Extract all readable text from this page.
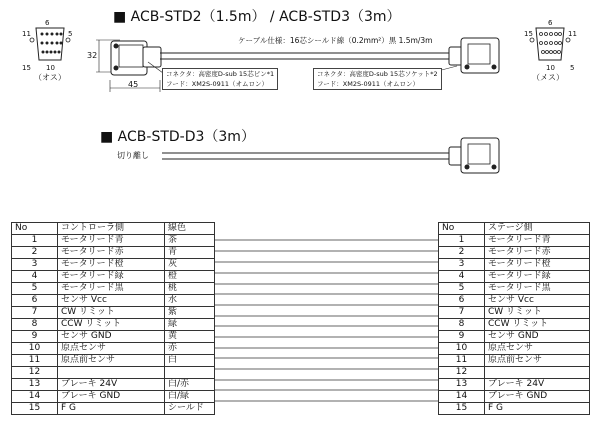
■ ACB-STD2（1.5m） / ACB-STD3（3m）
■ ACB-STD-D3（3m）
6
11	5
15 10
（オス）
6
15	11
5
10
（メス）
32
45
ケーブル仕様：16芯シールド線（0.2mm²）黒 1.5m/3m
コネクタ：高密度D-sub 15芯ピン*1
フード：XM2S-0911（オムロン）
コネクタ：高密度D-sub 15芯ソケット*2
フード：XM2S-0911（オムロン）
切り離し
No	コントローラ側	線色
1	モータリード青	茶
2	モータリード赤	青
3	モータリード橙	灰
4	モータリード緑	橙
5	モータリード黒	桃
6	センサ Vcc	水
7	CW リミット	紫
8	CCW リミット	緑
9	センサ GND	黄
10	原点センサ	赤
11	原点前センサ	白
12		
13	ブレーキ 24V	白/赤
14	ブレーキ GND	白/緑
15	F G	シールド
No	ステージ側
1	モータリード青
2	モータリード赤
3	モータリード橙
4	モータリード緑
5	モータリード黒
6	センサ Vcc
7	CW リミット
8	CCW リミット
9	センサ GND
10	原点センサ
11	原点前センサ
12	
13	ブレーキ 24V
14	ブレーキ GND
15	F G
